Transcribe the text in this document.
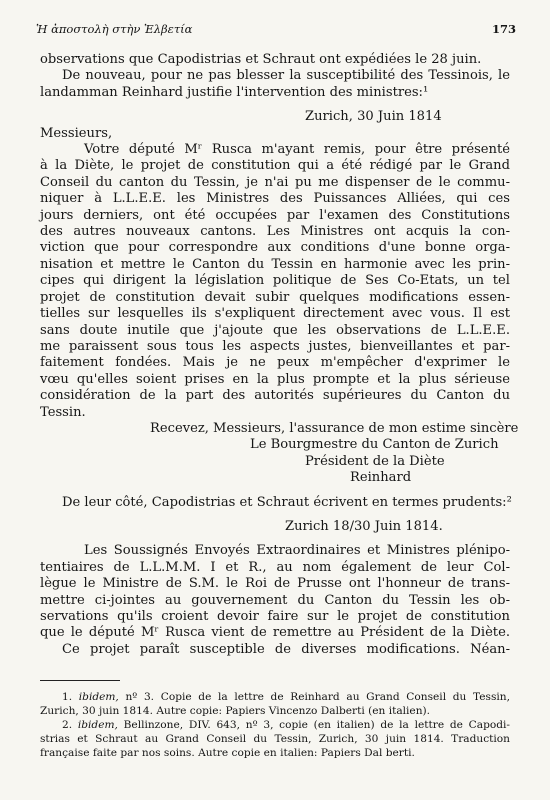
Ἡ ἀποστολὴ στὴν Ἑλβετία	173
observations que Capodistrias et Schraut ont expédiées le 28 juin.
De nouveau, pour ne pas blesser la susceptibilité des Tessinois, le
landamman Reinhard justifie l'intervention des ministres:¹
Zurich, 30 Juin 1814
Messieurs,
Votre député Mʳ Rusca m'ayant remis, pour être présenté
à la Diète, le projet de constitution qui a été rédigé par le Grand
Conseil du canton du Tessin, je n'ai pu me dispenser de le commu-
niquer à L.L.E.E. les Ministres des Puissances Alliées, qui ces
jours derniers, ont été occupées par l'examen des Constitutions
des autres nouveaux cantons. Les Ministres ont acquis la con-
viction que pour correspondre aux conditions d'une bonne orga-
nisation et mettre le Canton du Tessin en harmonie avec les prin-
cipes qui dirigent la législation politique de Ses Co-Etats, un tel
projet de constitution devait subir quelques modifications essen-
tielles sur lesquelles ils s'expliquent directement avec vous. Il est
sans doute inutile que j'ajoute que les observations de L.L.E.E.
me paraissent sous tous les aspects justes, bienveillantes et par-
faitement fondées. Mais je ne peux m'empêcher d'exprimer le
vœu qu'elles soient prises en la plus prompte et la plus sérieuse
considération de la part des autorités supérieures du Canton du
Tessin.
Recevez, Messieurs, l'assurance de mon estime sincère
Le Bourgmestre du Canton de Zurich
Président de la Diète
Reinhard
De leur côté, Capodistrias et Schraut écrivent en termes prudents:²
Zurich 18/30 Juin 1814.
Les Soussignés Envoyés Extraordinaires et Ministres plénipo-
tentiaires de L.L.M.M. I et R., au nom également de leur Col-
lègue le Ministre de S.M. le Roi de Prusse ont l'honneur de trans-
mettre ci-jointes au gouvernement du Canton du Tessin les ob-
servations qu'ils croient devoir faire sur le projet de constitution
que le député Mʳ Rusca vient de remettre au Président de la Diète.
Ce projet paraît susceptible de diverses modifications. Néan-
1. ibidem, nº 3. Copie de la lettre de Reinhard au Grand Conseil du Tessin,
Zurich, 30 juin 1814. Autre copie: Papiers Vincenzo Dalberti (en italien).
2. ibidem, Bellinzone, DIV. 643, nº 3, copie (en italien) de la lettre de Capodi-
strias et Schraut au Grand Conseil du Tessin, Zurich, 30 juin 1814. Traduction
française faite par nos soins. Autre copie en italien: Papiers Dal berti.
